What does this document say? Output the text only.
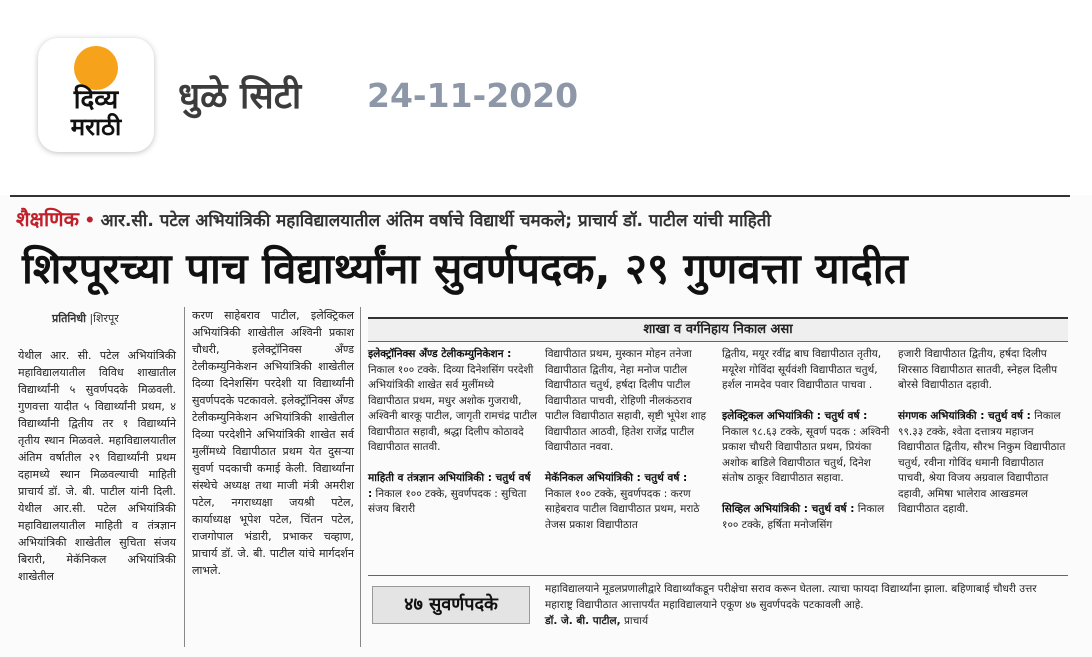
दिव्य
मराठी
धुळे सिटी 24-11-2020
शैक्षणिक • आर.सी. पटेल अभियांत्रिकी महाविद्यालयातील अंतिम वर्षाचे विद्यार्थी चमकले; प्राचार्य डॉ. पाटील यांची माहिती
शिरपूरच्या पाच विद्यार्थ्यांना सुवर्णपदक, २९ गुणवत्ता यादीत
प्रतिनिधी |शिरपूर
येथील आर. सी. पटेल अभियांत्रिकी महाविद्यालयातील विविध शाखातील विद्यार्थ्यांनी ५ सुवर्णपदके मिळवली. गुणवत्ता यादीत ५ विद्यार्थ्यांनी प्रथम, ४ विद्यार्थ्यांनी द्वितीय तर १ विद्यार्थ्याने तृतीय स्थान मिळवले. महाविद्यालयातील अंतिम वर्षातील २९ विद्यार्थ्यांनी प्रथम दहामध्ये स्थान मिळवल्याची माहिती प्राचार्य डॉ. जे. बी. पाटील यांनी दिली. येथील आर.सी. पटेल अभियांत्रिकी महाविद्यालयातील माहिती व तंत्रज्ञान अभियांत्रिकी शाखेतील सुचिता संजय बिरारी, मेकॅनिकल अभियांत्रिकी शाखेतील
करण साहेबराव पाटील, इलेक्ट्रिकल अभियांत्रिकी शाखेतील अश्विनी प्रकाश चौधरी, इलेक्ट्रॉनिक्स अँण्ड टेलीकम्युनिकेशन अभियांत्रिकी शाखेतील दिव्या दिनेशसिंग परदेशी या विद्यार्थ्यांनी सुवर्णपदके पटकावले. इलेक्ट्रॉनिक्स अँण्ड टेलीकम्युनिकेशन अभियांत्रिकी शाखेतील दिव्या परदेशीने अभियांत्रिकी शाखेत सर्व मुलींमध्ये विद्यापीठात प्रथम येत दुसऱ्या सुवर्ण पदकाची कमाई केली. विद्यार्थ्यांना संस्थेचे अध्यक्ष तथा माजी मंत्री अमरीश पटेल, नगराध्यक्षा जयश्री पटेल, कार्याध्यक्ष भूपेश पटेल, चिंतन पटेल, राजगोपाल भंडारी, प्रभाकर चव्हाण, प्राचार्य डॉ. जे. बी. पाटील यांचे मार्गदर्शन लाभले.
शाखा व वर्गनिहाय निकाल असा
इलेक्ट्रॉनिक्स अँण्ड टेलीकम्युनिकेशन : निकाल १०० टक्के. दिव्या दिनेशसिंग परदेशी अभियांत्रिकी शाखेत सर्व मुलींमध्ये विद्यापीठात प्रथम, मधुर अशोक गुजराथी, अश्विनी बारकू पाटील, जागृती रामचंद्र पाटील विद्यापीठात सहावी, श्रद्धा दिलीप कोठावदे विद्यापीठात सातवी.

माहिती व तंत्रज्ञान अभियांत्रिकी : चतुर्थ वर्ष : निकाल १०० टक्के, सुवर्णपदक : सुचिता संजय बिरारी
विद्यापीठात प्रथम, मुस्कान मोहन तनेजा विद्यापीठात द्वितीय, नेहा मनोज पाटील विद्यापीठात चतुर्थ, हर्षदा दिलीप पाटील विद्यापीठात पाचवी, रोहिणी नीलकंठराव पाटील विद्यापीठात सहावी, सृष्टी भूपेश शाह विद्यापीठात आठवी, हितेश राजेंद्र पाटील विद्यापीठात नववा.

मेकॅनिकल अभियांत्रिकी : चतुर्थ वर्ष : निकाल १०० टक्के, सुवर्णपदक : करण साहेबराव पाटील विद्यापीठात प्रथम, मराठे तेजस प्रकाश विद्यापीठात
द्वितीय, मयूर रवींद्र बाघ विद्यापीठात तृतीय, मयूरेश गोविंदा सूर्यवंशी विद्यापीठात चतुर्थ, हर्शल नामदेव पवार विद्यापीठात पाचवा .

इलेक्ट्रिकल अभियांत्रिकी : चतुर्थ वर्ष : निकाल ९८.६३ टक्के, सूवर्ण पदक : अश्विनी प्रकाश चौधरी विद्यापीठात प्रथम, प्रियंका अशोक बाडिले विद्यापीठात चतुर्थ, दिनेश संतोष ठाकूर विद्यापीठात सहावा.

सिव्हिल अभियांत्रिकी : चतुर्थ वर्ष : निकाल १०० टक्के, हर्षिता मनोजसिंग
हजारी विद्यापीठात द्वितीय, हर्षदा दिलीप शिरसाठ विद्यापीठात सातवी, स्नेहल दिलीप बोरसे विद्यापीठात दहावी.

संगणक अभियांत्रिकी : चतुर्थ वर्ष : निकाल ९९.३३ टक्के, श्वेता दत्तात्रय महाजन विद्यापीठात द्वितीय, सौरभ निकुम विद्यापीठात चतुर्थ, रवीना गोविंद धमानी विद्यापीठात पाचवी, श्रेया विजय अग्रवाल विद्यापीठात दहावी, अमिषा भालेराव आखडमल विद्यापीठात दहावी.
४७ सुवर्णपदके
महाविद्यालयाने मूडलप्रणालीद्वारे विद्यार्थ्यांकडून परीक्षेचा सराव करून घेतला. त्याचा फायदा विद्यार्थ्यांना झाला. बहिणाबाई चौधरी उत्तर महाराष्ट्र विद्यापीठात आत्तापर्यंत महाविद्यालयाने एकूण ४७ सुवर्णपदके पटकावली आहे.
डॉ. जे. बी. पाटील, प्राचार्य
